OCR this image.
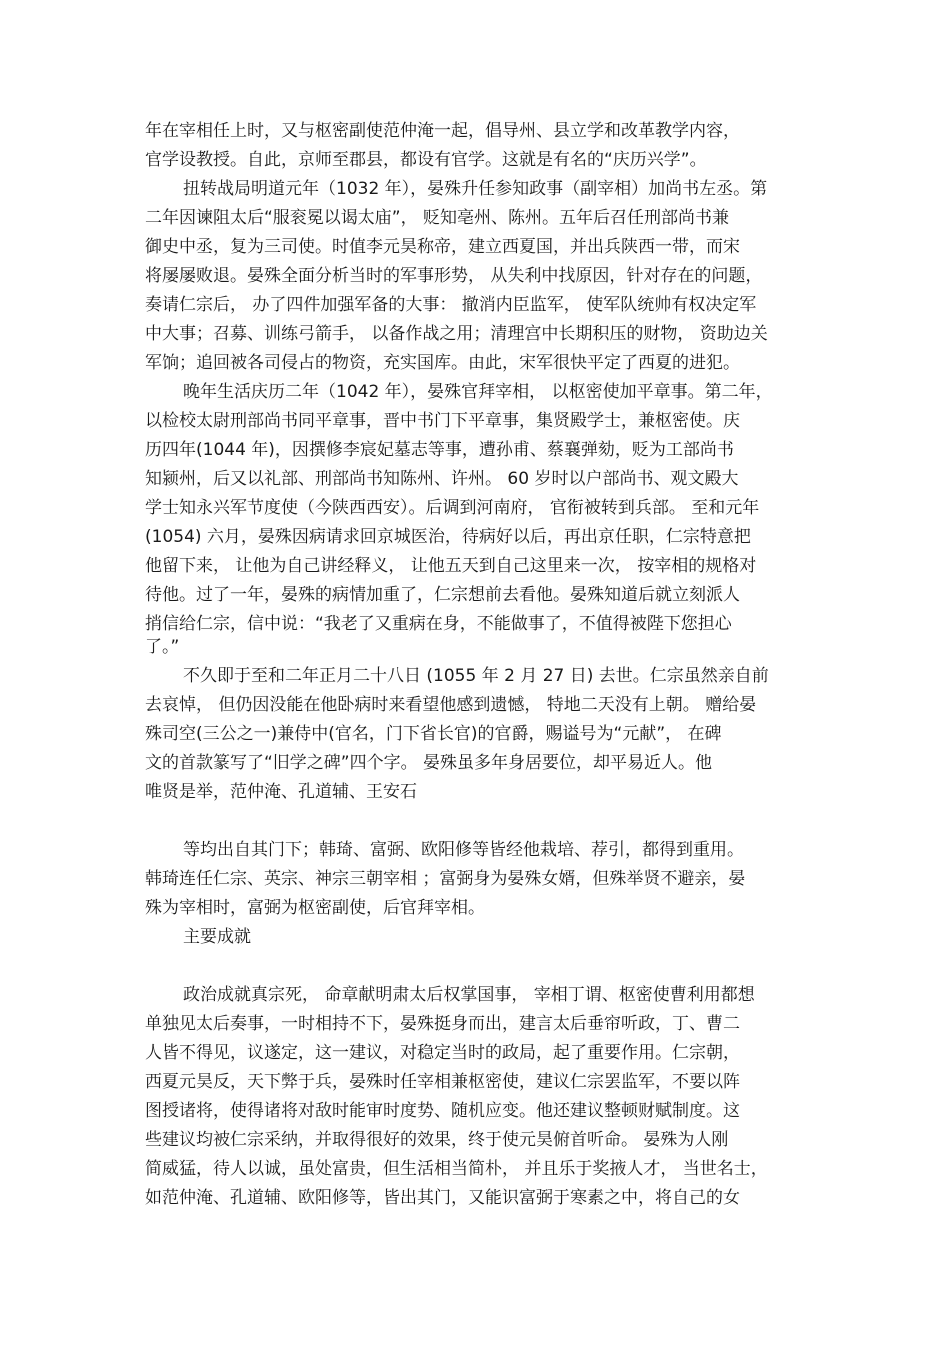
年在宰相任上时，又与枢密副使范仲淹一起，倡导州、县立学和改革教学内容，
官学设教授。自此，京师至郡县，都设有官学。这就是有名的“庆历兴学”。
扭转战局明道元年（1032 年），晏殊升任参知政事（副宰相）加尚书左丞。第
二年因谏阻太后“服衮冕以谒太庙”， 贬知亳州、陈州。五年后召任刑部尚书兼
御史中丞，复为三司使。时值李元昊称帝，建立西夏国，并出兵陕西一带，而宋
将屡屡败退。晏殊全面分析当时的军事形势， 从失利中找原因，针对存在的问题，
奏请仁宗后， 办了四件加强军备的大事： 撤消内臣监军， 使军队统帅有权决定军
中大事；召募、训练弓箭手， 以备作战之用；清理宫中长期积压的财物， 资助边关
军饷；追回被各司侵占的物资，充实国库。由此，宋军很快平定了西夏的进犯。
晚年生活庆历二年（1042 年），晏殊官拜宰相， 以枢密使加平章事。第二年，
以检校太尉刑部尚书同平章事，晋中书门下平章事，集贤殿学士，兼枢密使。庆
历四年(1044 年)，因撰修李宸妃墓志等事，遭孙甫、蔡襄弹劾，贬为工部尚书
知颍州，后又以礼部、刑部尚书知陈州、许州。 60 岁时以户部尚书、观文殿大
学士知永兴军节度使（今陕西西安）。后调到河南府， 官衔被转到兵部。 至和元年
(1054) 六月，晏殊因病请求回京城医治，待病好以后，再出京任职，仁宗特意把
他留下来， 让他为自己讲经释义， 让他五天到自己这里来一次， 按宰相的规格对
待他。过了一年，晏殊的病情加重了，仁宗想前去看他。晏殊知道后就立刻派人
捎信给仁宗，信中说：“我老了又重病在身，不能做事了，不值得被陛下您担心
了。”
不久即于至和二年正月二十八日 (1055 年 2 月 27 日) 去世。仁宗虽然亲自前
去哀悼， 但仍因没能在他卧病时来看望他感到遗憾， 特地二天没有上朝。 赠给晏
殊司空(三公之一)兼侍中(官名，门下省长官)的官爵，赐谥号为“元献”， 在碑
文的首款篆写了“旧学之碑”四个字。 晏殊虽多年身居要位，却平易近人。他
唯贤是举，范仲淹、孔道辅、王安石
等均出自其门下；韩琦、富弼、欧阳修等皆经他栽培、荐引，都得到重用。
韩琦连任仁宗、英宗、神宗三朝宰相 ；富弼身为晏殊女婿，但殊举贤不避亲，晏
殊为宰相时，富弼为枢密副使，后官拜宰相。
主要成就
政治成就真宗死， 命章献明肃太后权掌国事， 宰相丁谓、枢密使曹利用都想
单独见太后奏事，一时相持不下，晏殊挺身而出，建言太后垂帘听政，丁、曹二
人皆不得见，议遂定，这一建议，对稳定当时的政局，起了重要作用。仁宗朝，
西夏元昊反，天下弊于兵，晏殊时任宰相兼枢密使，建议仁宗罢监军，不要以阵
图授诸将，使得诸将对敌时能审时度势、随机应变。他还建议整顿财赋制度。这
些建议均被仁宗采纳，并取得很好的效果，终于使元昊俯首听命。 晏殊为人刚
简威猛，待人以诚，虽处富贵，但生活相当简朴， 并且乐于奖掖人才， 当世名士，
如范仲淹、孔道辅、欧阳修等，皆出其门，又能识富弼于寒素之中，将自己的女
